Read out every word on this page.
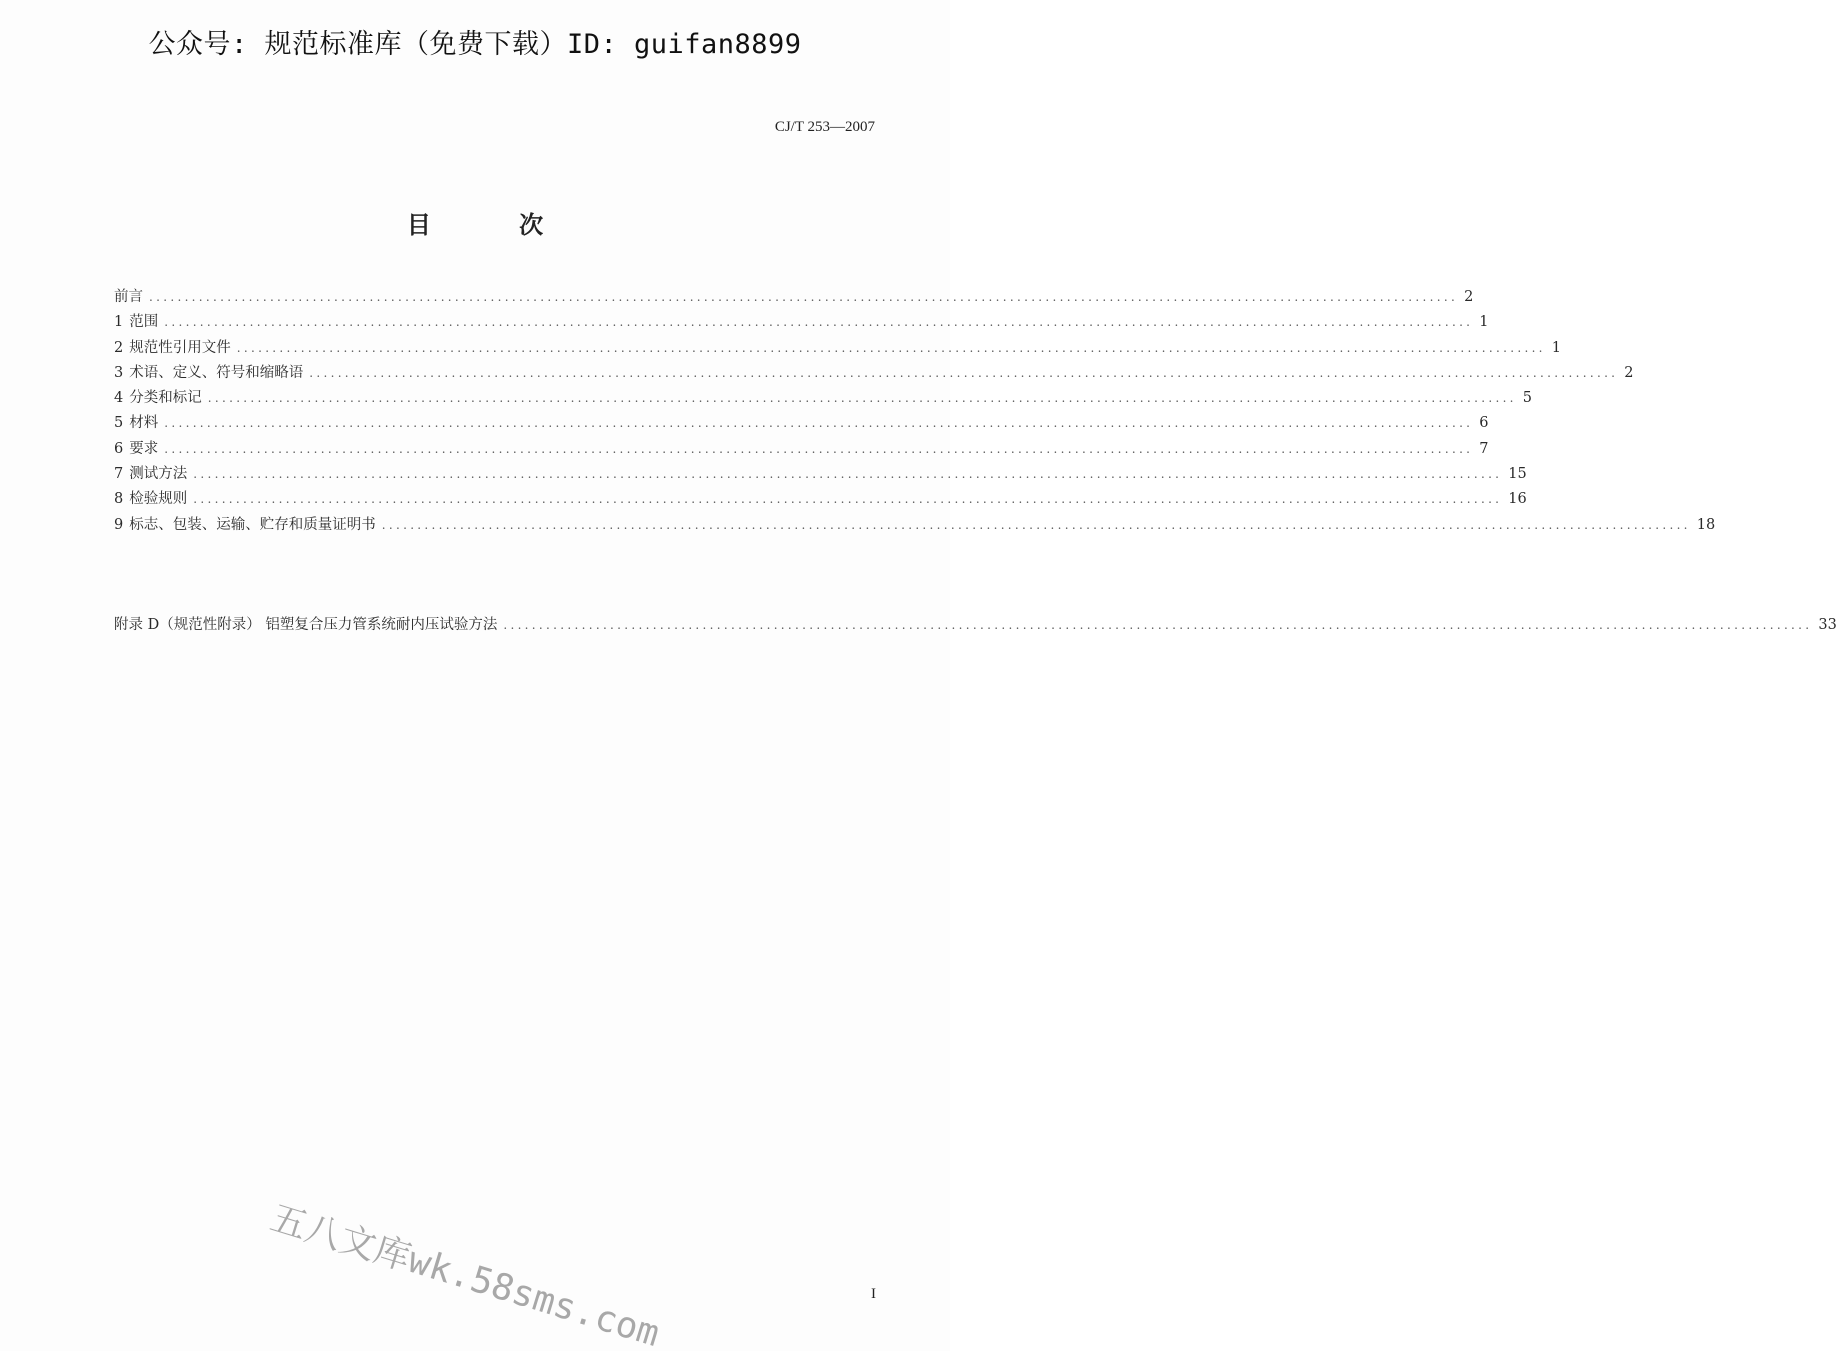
公众号: 规范标准库（免费下载）ID: guifan8899
CJ/T 253—2007
目 次
前言 ........................................................................................................................................................................................ 2
1 范围 ........................................................................................................................................................................................ 1
2 规范性引用文件 ........................................................................................................................................................................................ 1
3 术语、定义、符号和缩略语 ........................................................................................................................................................................................ 2
4 分类和标记 ........................................................................................................................................................................................ 5
5 材料 ........................................................................................................................................................................................ 6
6 要求 ........................................................................................................................................................................................ 7
7 测试方法 ........................................................................................................................................................................................ 15
8 检验规则 ........................................................................................................................................................................................ 16
9 标志、包装、运输、贮存和质量证明书 ........................................................................................................................................................................................ 18
附录 D（规范性附录） 铝塑复合压力管系统耐内压试验方法 ........................................................................................................................................................................................ 33
五八文库wk.58sms.com	I
